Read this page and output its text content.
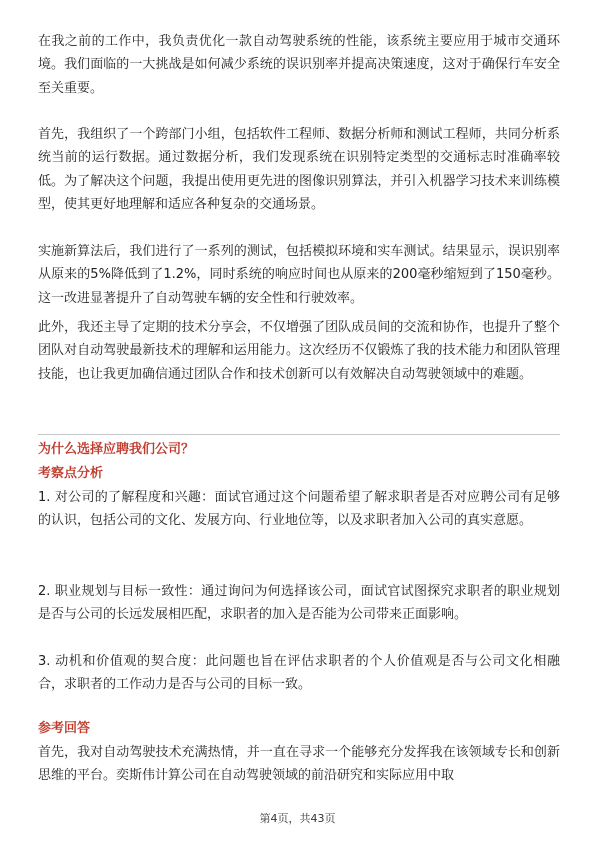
在我之前的工作中，我负责优化一款自动驾驶系统的性能，该系统主要应用于城市交通环境。我们面临的一大挑战是如何减少系统的误识别率并提高决策速度，这对于确保行车安全至关重要。

首先，我组织了一个跨部门小组，包括软件工程师、数据分析师和测试工程师，共同分析系统当前的运行数据。通过数据分析，我们发现系统在识别特定类型的交通标志时准确率较低。为了解决这个问题，我提出使用更先进的图像识别算法，并引入机器学习技术来训练模型，使其更好地理解和适应各种复杂的交通场景。

实施新算法后，我们进行了一系列的测试，包括模拟环境和实车测试。结果显示，误识别率从原来的5%降低到了1.2%，同时系统的响应时间也从原来的200毫秒缩短到了150毫秒。这一改进显著提升了自动驾驶车辆的安全性和行驶效率。

此外，我还主导了定期的技术分享会，不仅增强了团队成员间的交流和协作，也提升了整个团队对自动驾驶最新技术的理解和运用能力。这次经历不仅锻炼了我的技术能力和团队管理技能，也让我更加确信通过团队合作和技术创新可以有效解决自动驾驶领域中的难题。

为什么选择应聘我们公司？

考察点分析

1. 对公司的了解程度和兴趣：面试官通过这个问题希望了解求职者是否对应聘公司有足够的认识，包括公司的文化、发展方向、行业地位等，以及求职者加入公司的真实意愿。

2. 职业规划与目标一致性：通过询问为何选择该公司，面试官试图探究求职者的职业规划是否与公司的长远发展相匹配，求职者的加入是否能为公司带来正面影响。

3. 动机和价值观的契合度：此问题也旨在评估求职者的个人价值观是否与公司文化相融合，求职者的工作动力是否与公司的目标一致。

参考回答

首先，我对自动驾驶技术充满热情，并一直在寻求一个能够充分发挥我在该领域专长和创新思维的平台。奕斯伟计算公司在自动驾驶领域的前沿研究和实际应用中取

第4页，共43页
